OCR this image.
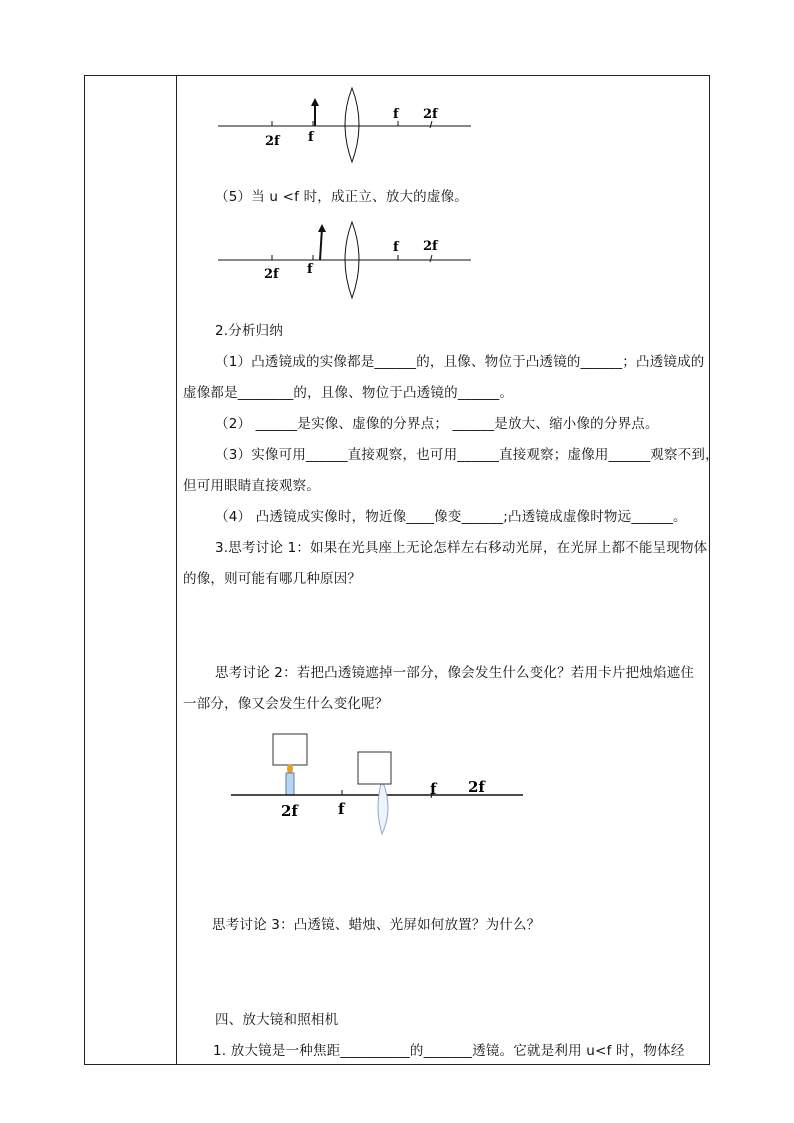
2f f
f 2f
（5）当 u <f 时，成正立、放大的虚像。
2f f
f 2f
2.分析归纳
（1）凸透镜成的实像都是______的，且像、物位于凸透镜的______；凸透镜成的
虚像都是________的，且像、物位于凸透镜的______。
（2） ______是实像、虚像的分界点； ______是放大、缩小像的分界点。
（3）实像可用______直接观察，也可用______直接观察；虚像用______观察不到，
但可用眼睛直接观察。
（4） 凸透镜成实像时，物近像____像变______;凸透镜成虚像时物远______。
3.思考讨论 1：如果在光具座上无论怎样左右移动光屏，在光屏上都不能呈现物体
的像，则可能有哪几种原因？
思考讨论 2：若把凸透镜遮掉一部分，像会发生什么变化？若用卡片把烛焰遮住
一部分，像又会发生什么变化呢？
2f	f
f 2f
思考讨论 3：凸透镜、蜡烛、光屏如何放置？为什么？
四、放大镜和照相机
1. 放大镜是一种焦距__________的_______透镜。它就是利用 u<f 时，物体经
